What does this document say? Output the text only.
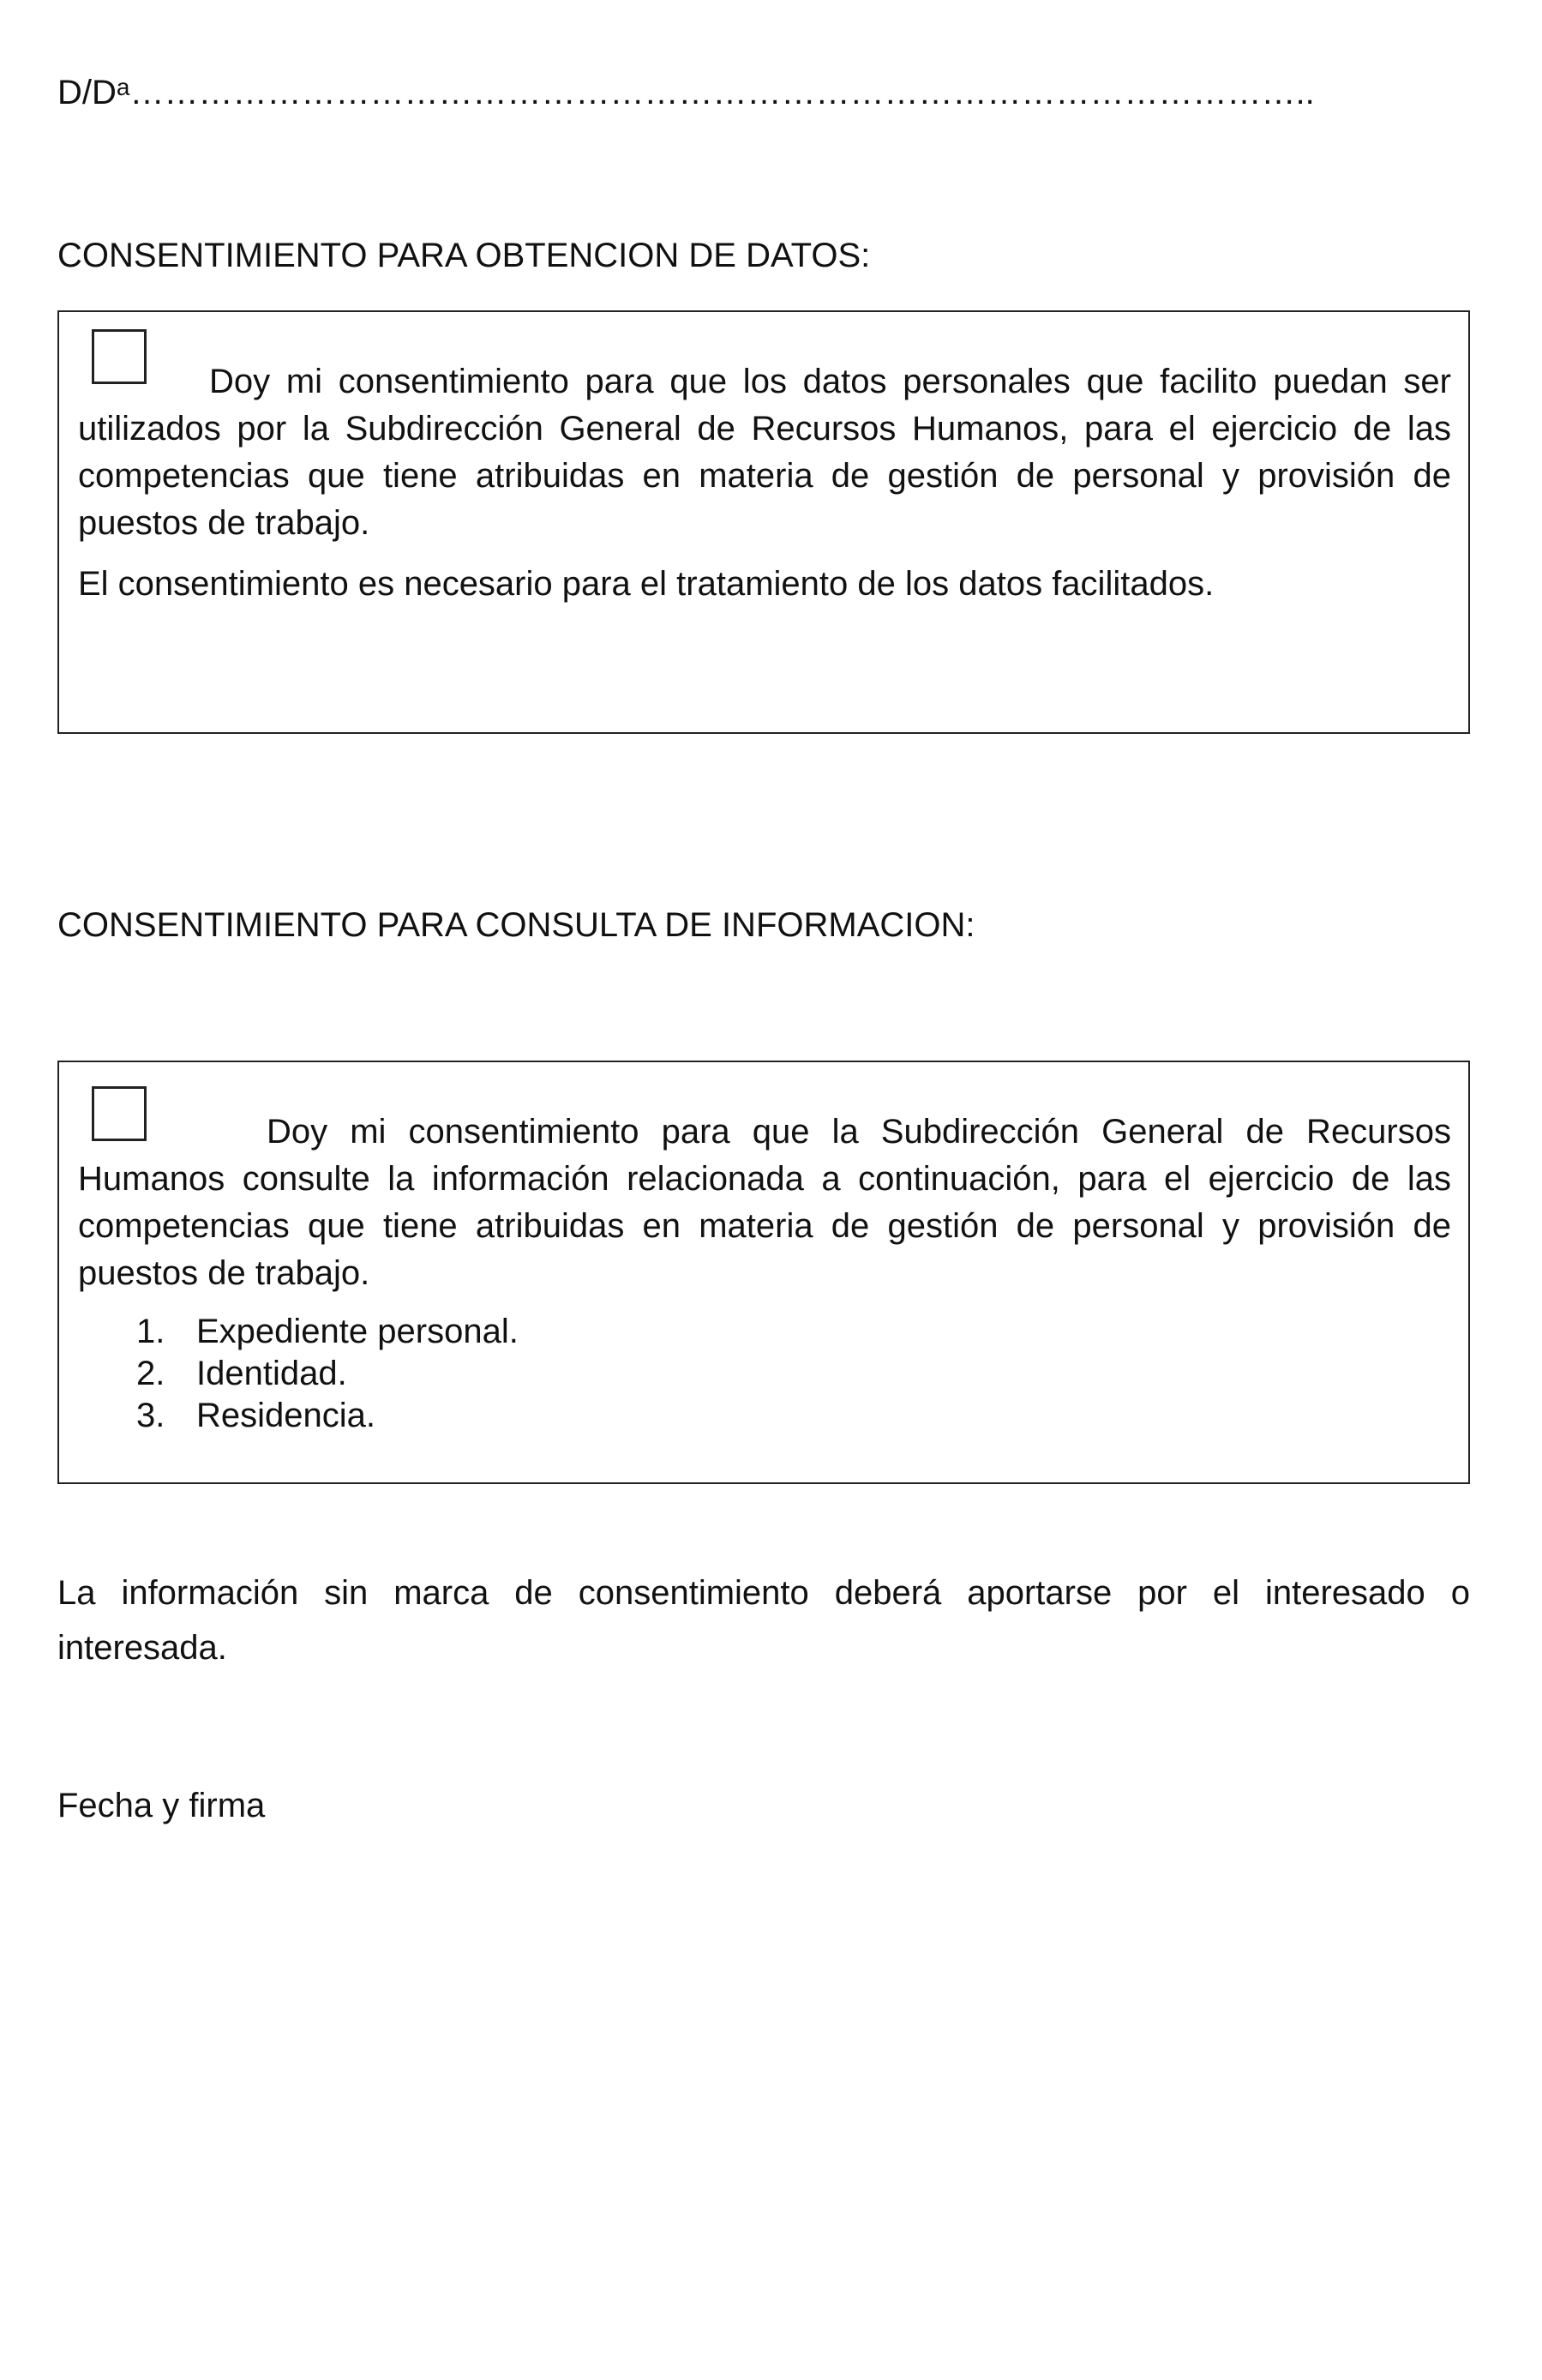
$D/D^a\dots\dots\dots\dots\dots\dots\dots\dots\dots\dots\dots\dots\dots\dots\dots\dots\dots\dots\dots\dots\dots\dots\dots\dots\dots\dots\dots\dots\dots\dots\dots\dots\dots\dots$..
CONSENTIMIENTO PARA OBTENCION DE DATOS:
Doy mi consentimiento para que los datos personales que facilito puedan ser utilizados por la Subdirección General de Recursos Humanos, para el ejercicio de las competencias que tiene atribuidas en materia de gestión de personal y provisión de puestos de trabajo.
El consentimiento es necesario para el tratamiento de los datos facilitados.
CONSENTIMIENTO PARA CONSULTA DE INFORMACION:
Doy mi consentimiento para que la Subdirección General de Recursos Humanos consulte la información relacionada a continuación, para el ejercicio de las competencias que tiene atribuidas en materia de gestión de personal y provisión de puestos de trabajo.
1. Expediente personal.
2. Identidad.
3. Residencia.
La información sin marca de consentimiento deberá aportarse por el interesado o interesada.
Fecha y firma
